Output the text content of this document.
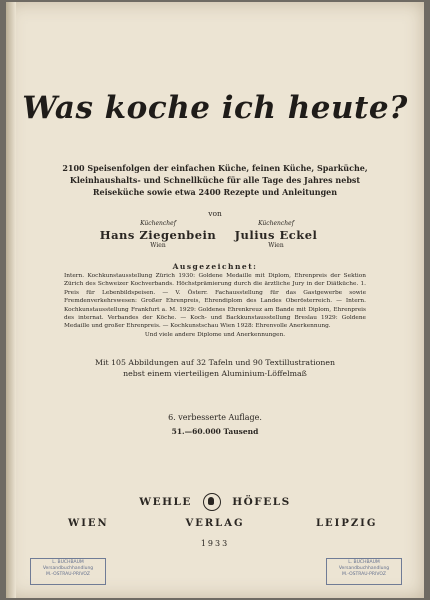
Was koche ich heute?
2100 Speisenfolgen der einfachen Küche, feinen Küche, Sparküche, Kleinhaushalts- und Schnellküche für alle Tage des Jahres nebst Reiseküche sowie etwa 2400 Rezepte und Anleitungen
von
Küchenchef
Hans Ziegenbein
Wien
Küchenchef
Julius Eckel
Wien
Ausgezeichnet:
Intern. Kochkunstausstellung Zürich 1930: Goldene Medaille mit Diplom, Ehrenpreis der Sektion Zürich des Schweizer Kochverbands. Höchstprämierung durch die ärztliche Jury in der Diätküche. 1. Preis für Lebenbildspeisen. — V. Österr. Fachausstellung für das Gastgewerbe sowie Fremdenverkehrswesen: Großer Ehrenpreis, Ehrendiplom des Landes Oberösterreich. — Intern. Kochkunstausstellung Frankfurt a. M. 1929: Goldenes Ehrenkreuz am Bande mit Diplom, Ehrenpreis des internat. Verbandes der Köche. — Koch- und Backkunstausstellung Breslau 1929: Goldene Medaille und großer Ehrenpreis. — Kochkunstschau Wien 1928: Ehrenvolle Anerkennung.
Und viele andere Diplome und Anerkennungen.
Mit 105 Abbildungen auf 32 Tafeln und 90 Textillustrationen nebst einem vierteiligen Aluminium-Löffelmaß
6. verbesserte Auflage.
51.—60.000 Tausend
WEHLE	HÖFELS
WIEN	VERLAG	LEIPZIG
1933
L. BUCHBAUM
Versandbuchhandlung
M.-OSTRAU-PRIVOZ
L. BUCHBAUM
Versandbuchhandlung
M.-OSTRAU-PRIVOZ
